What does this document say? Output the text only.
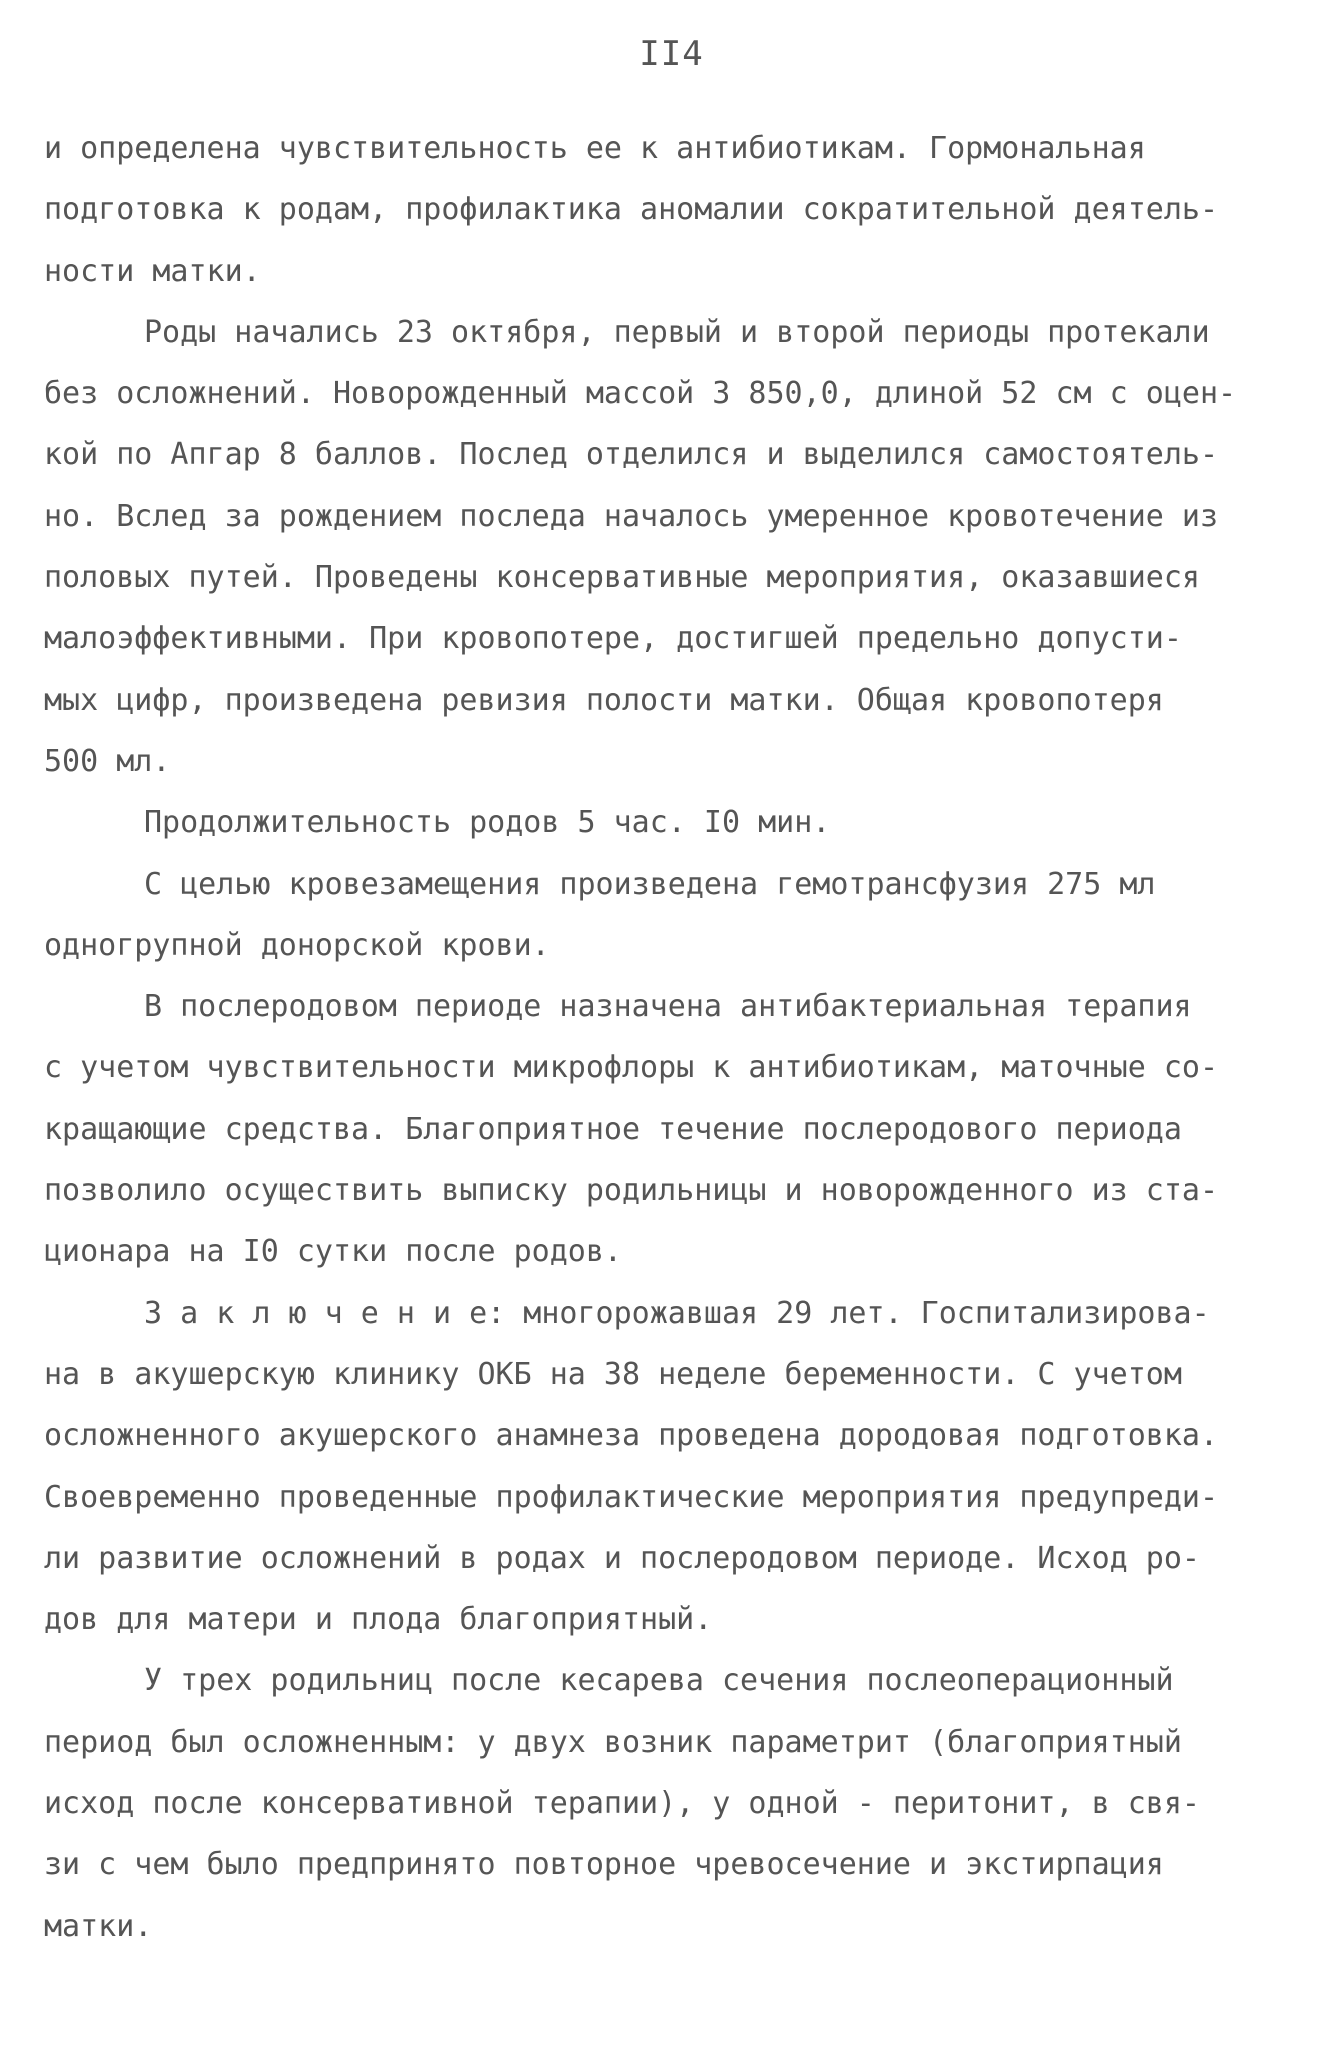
II4
и определена чувствительность ее к антибиотикам. Гормональная
подготовка к родам, профилактика аномалии сократительной деятель-
ности матки.
Роды начались 23 октября, первый и второй периоды протекали
без осложнений. Новорожденный массой 3 850,0, длиной 52 см с оцен-
кой по Апгар 8 баллов. Послед отделился и выделился самостоятель-
но. Вслед за рождением последа началось умеренное кровотечение из
половых путей. Проведены консервативные мероприятия, оказавшиеся
малоэффективными. При кровопотере, достигшей предельно допусти-
мых цифр, произведена ревизия полости матки. Общая кровопотеря
500 мл.
Продолжительность родов 5 час. I0 мин.
С целью кровезамещения произведена гемотрансфузия 275 мл
одногрупной донорской крови.
В послеродовом периоде назначена антибактериальная терапия
с учетом чувствительности микрофлоры к антибиотикам, маточные со-
кращающие средства. Благоприятное течение послеродового периода
позволило осуществить выписку родильницы и новорожденного из ста-
ционара на I0 сутки после родов.
З а к л ю ч е н и е: многорожавшая 29 лет. Госпитализирова-
на в акушерскую клинику ОКБ на 38 неделе беременности. С учетом
осложненного акушерского анамнеза проведена дородовая подготовка.
Своевременно проведенные профилактические мероприятия предупреди-
ли развитие осложнений в родах и послеродовом периоде. Исход ро-
дов для матери и плода благоприятный.
У трех родильниц после кесарева сечения послеоперационный
период был осложненным: у двух возник параметрит (благоприятный
исход после консервативной терапии), у одной - перитонит, в свя-
зи с чем было предпринято повторное чревосечение и экстирпация
матки.
